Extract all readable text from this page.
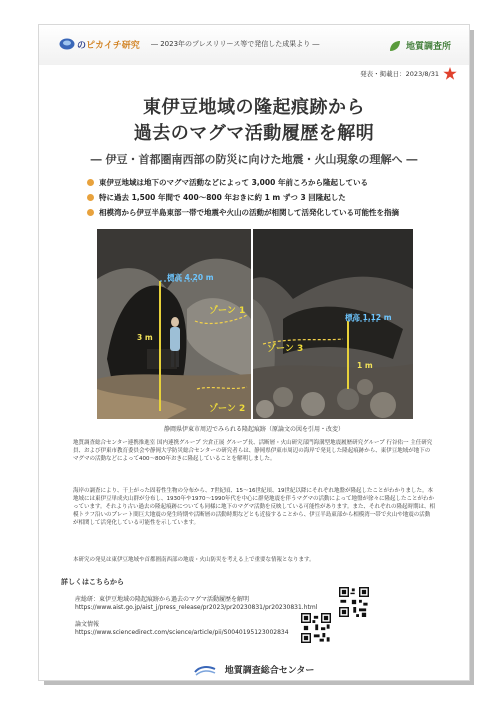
のピカイチ研究 ― 2023年のプレスリリース等で発信した成果より ―	地質調査所
発表・掲載日：2023/8/31
東伊豆地域の隆起痕跡から
過去のマグマ活動履歴を解明
― 伊豆・首都圏南西部の防災に向けた地震・火山現象の理解へ ―
東伊豆地域は地下のマグマ活動などによって 3,000 年前ころから隆起している
特に過去 1,500 年間で 400～800 年おきに約 1 m ずつ 3 回隆起した
相模湾から伊豆半島東部一帯で地震や火山の活動が相関して活発化している可能性を指摘
標高 4.20 m
3 m
ゾーン 1
ゾーン 2
標高 1.12 m
1 m
ゾーン 3
静岡県伊東市周辺でみられる隆起痕跡（原論文の図を引用・改変）

地質調査総合センター連携推進室 国内連携グループ 宍倉正展 グループ長、活断層・火山研究部門海溝型地震履歴研究グループ 行谷佑一 主任研究員、および伊東市教育委員会や静岡大学防災総合センターの研究者らは、静岡県伊東市周辺の海岸で発見した隆起痕跡から、東伊豆地域が地下のマグマの活動などによって400～800年おきに隆起していることを解明しました。

海岸の調査により、干上がった固着性生物の分布から、7世紀頃、15～16世紀頃、19世紀以降にそれぞれ地盤が隆起したことがわかりました。本地域には東伊豆単成火山群が分布し、1930年や1970～1990年代を中心に群発地震を伴うマグマの活動によって地盤が徐々に隆起したことがわかっています。それより古い過去の隆起痕跡についても同様に地下のマグマ活動を反映している可能性があります。また、それぞれの隆起時期は、相模トラフ沿いのプレート間巨大地震の発生時期や活断層の活動時期などとも近接することから、伊豆半島東部から相模湾一帯で火山や地震の活動が相関して活発化している可能性を示しています。

本研究の発見は東伊豆地域や首都圏南西部の地震・火山防災を考える上で重要な情報となります。

詳しくはこちらから
産総研：東伊豆地域の隆起痕跡から過去のマグマ活動履歴を解明
https://www.aist.go.jp/aist_j/press_release/pr2023/pr20230831/pr20230831.html
論文情報
https://www.sciencedirect.com/science/article/pii/S0040195123002834
地質調査総合センター
